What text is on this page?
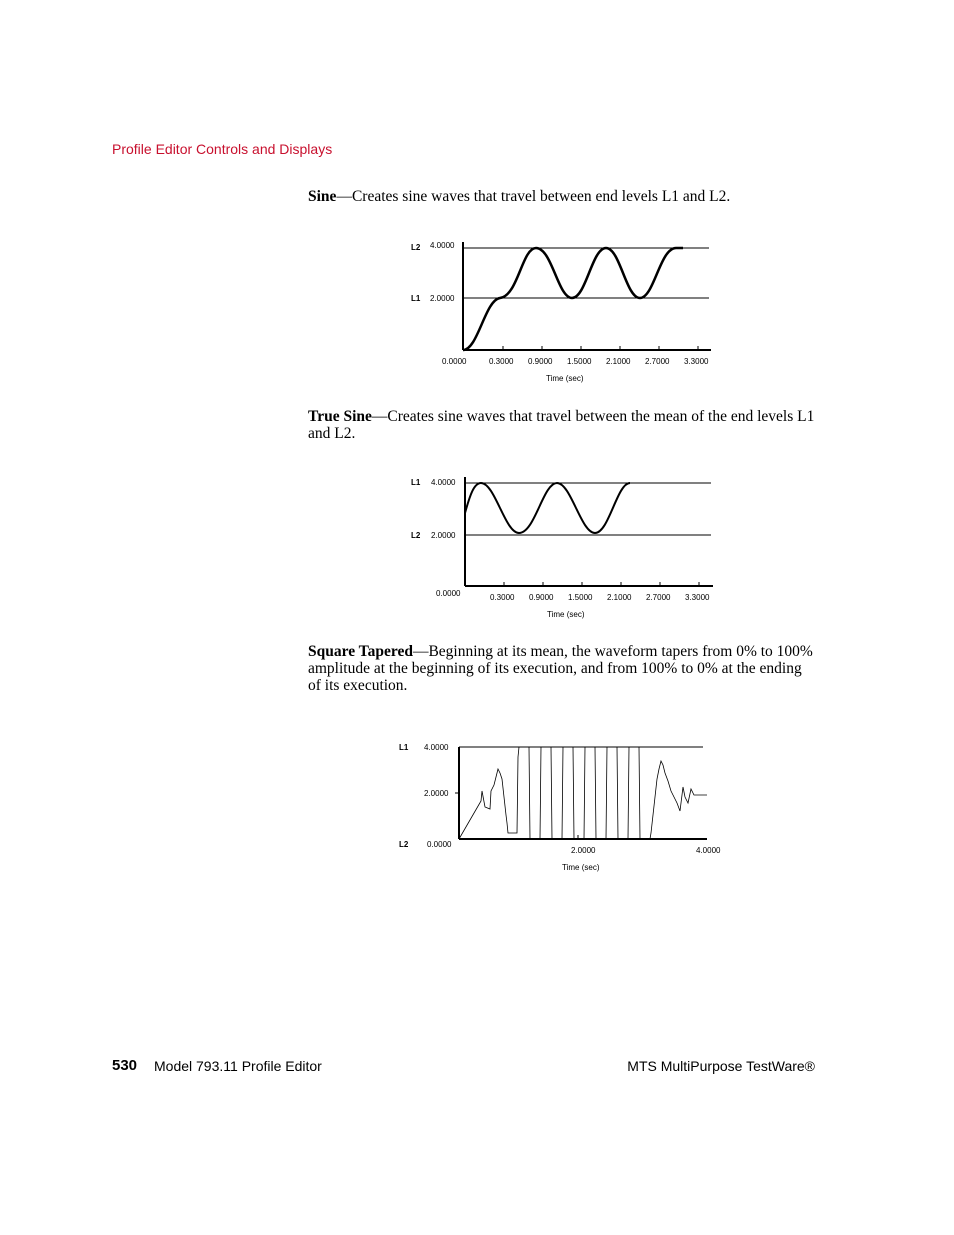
Profile Editor Controls and Displays
Sine—Creates sine waves that travel between end levels L1 and L2.
L2
L1
4.0000
2.0000
0.0000	0.3000 0.9000 1.5000 2.1000 2.7000 3.3000
Time (sec)
True Sine—Creates sine waves that travel between the mean of the end levels L1 and L2.
L1
L2
4.0000
2.0000
0.0000	0.3000 0.9000 1.5000 2.1000 2.7000 3.3000
Time (sec)
Square Tapered—Beginning at its mean, the waveform tapers from 0% to 100% amplitude at the beginning of its execution, and from 100% to 0% at the ending of its execution.
L1
L2
4.0000
2.0000
0.0000
2.0000	4.0000
Time (sec)
530 Model 793.11 Profile Editor	MTS MultiPurpose TestWare®
